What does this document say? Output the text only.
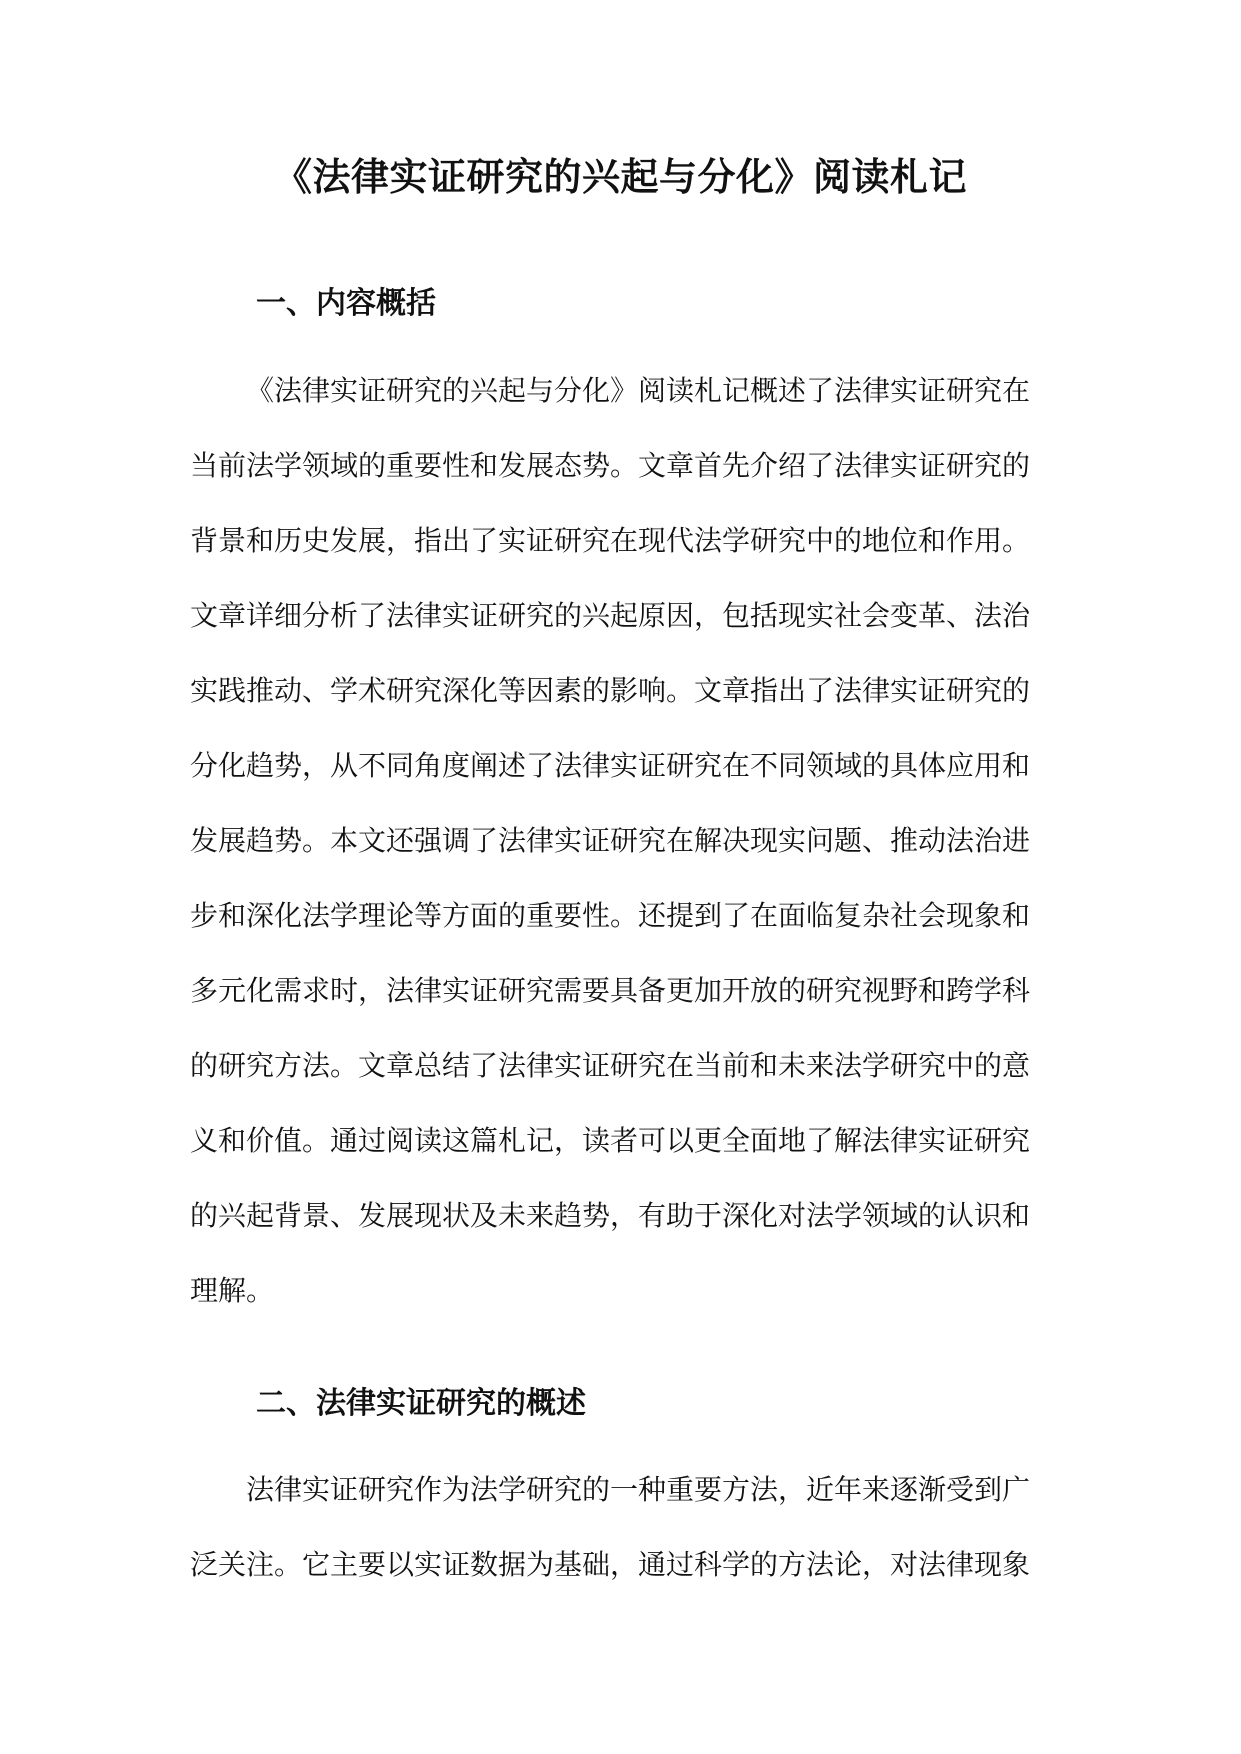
《法律实证研究的兴起与分化》阅读札记
一、内容概括
《法律实证研究的兴起与分化》阅读札记概述了法律实证研究在
当前法学领域的重要性和发展态势。文章首先介绍了法律实证研究的
背景和历史发展，指出了实证研究在现代法学研究中的地位和作用。
文章详细分析了法律实证研究的兴起原因，包括现实社会变革、法治
实践推动、学术研究深化等因素的影响。文章指出了法律实证研究的
分化趋势，从不同角度阐述了法律实证研究在不同领域的具体应用和
发展趋势。本文还强调了法律实证研究在解决现实问题、推动法治进
步和深化法学理论等方面的重要性。还提到了在面临复杂社会现象和
多元化需求时，法律实证研究需要具备更加开放的研究视野和跨学科
的研究方法。文章总结了法律实证研究在当前和未来法学研究中的意
义和价值。通过阅读这篇札记，读者可以更全面地了解法律实证研究
的兴起背景、发展现状及未来趋势，有助于深化对法学领域的认识和
理解。
二、法律实证研究的概述
法律实证研究作为法学研究的一种重要方法，近年来逐渐受到广
泛关注。它主要以实证数据为基础，通过科学的方法论，对法律现象
